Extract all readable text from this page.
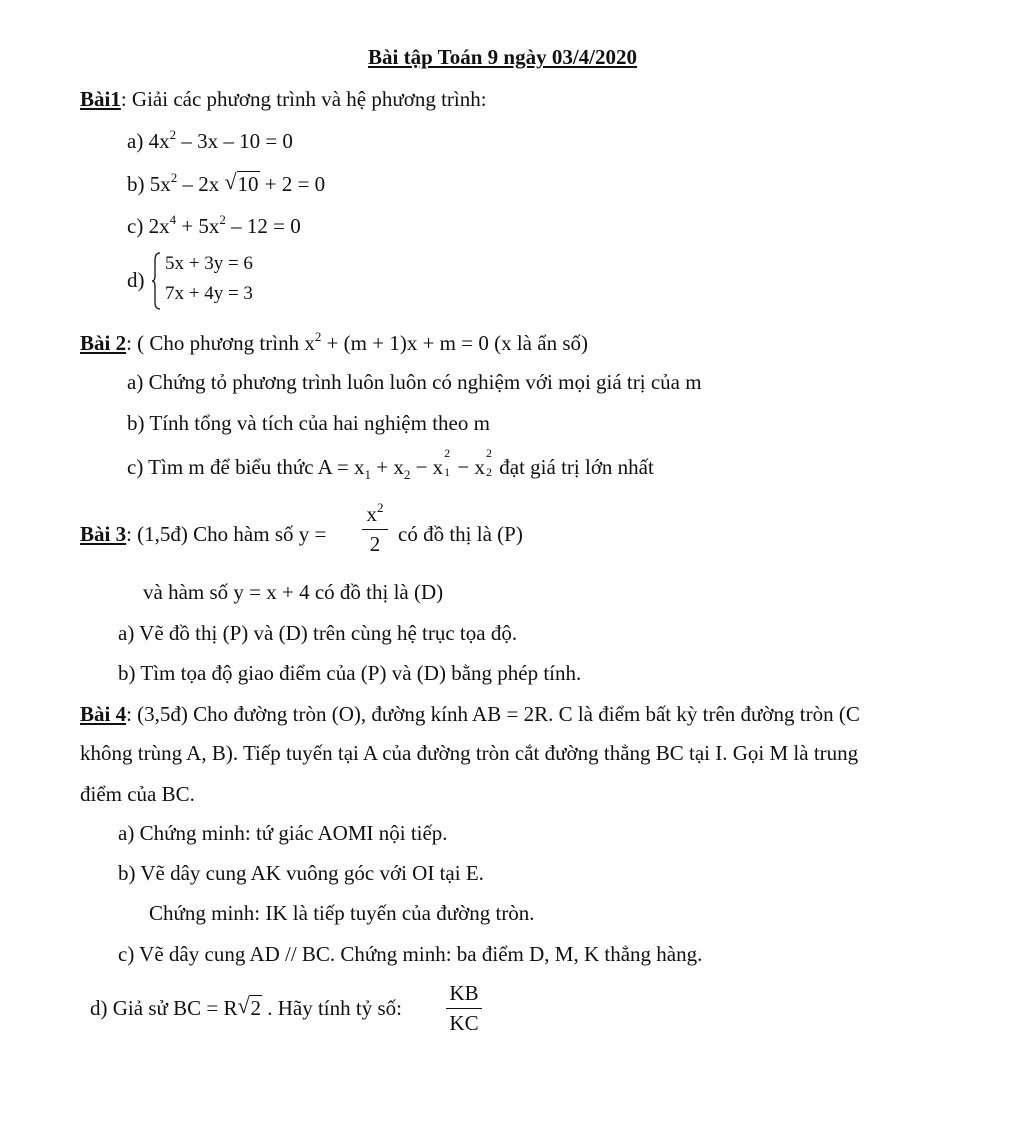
Bài tập Toán 9 ngày 03/4/2020
Bài1: Giải các phương trình và hệ phương trình:
a) $4x^2 - 3x - 10 = 0$
b) $5x^2 - 2x$ √ 10 + 2 = 0
c) $2x^4 + 5x^2 - 12 = 0$
d)
5x + 3y = 6
7x + 4y = 3
Bài 2: ( Cho phương trình $x^2 + (m + 1)x + m = 0$ (x là ẩn số)
a) Chứng tỏ phương trình luôn luôn có nghiệm với mọi giá trị của m
b) Tính tổng và tích của hai nghiệm theo m
c) Tìm m để biểu thức $A = x_1 + x_2 - x$
2
1 − x
2
2 đạt giá trị lớn nhất
Bài 3: (1,5đ) Cho hàm số y =
$x^2$
2 có đồ thị là (P)
và hàm số y = x + 4 có đồ thị là (D)
a) Vẽ đồ thị (P) và (D) trên cùng hệ trục tọa độ.
b) Tìm tọa độ giao điểm của (P) và (D) bằng phép tính.
Bài 4: (3,5đ) Cho đường tròn (O), đường kính AB = 2R. C là điểm bất kỳ trên đường tròn (C
không trùng A, B). Tiếp tuyến tại A của đường tròn cắt đường thẳng BC tại I. Gọi M là trung
điểm của BC.
a) Chứng minh: tứ giác AOMI nội tiếp.
b) Vẽ dây cung AK vuông góc với OI tại E.
Chứng minh: IK là tiếp tuyến của đường tròn.
c) Vẽ dây cung AD // BC. Chứng minh: ba điểm D, M, K thẳng hàng.
d) Giả sử BC = R √ 2 . Hãy tính tỷ số:
KB
KC
